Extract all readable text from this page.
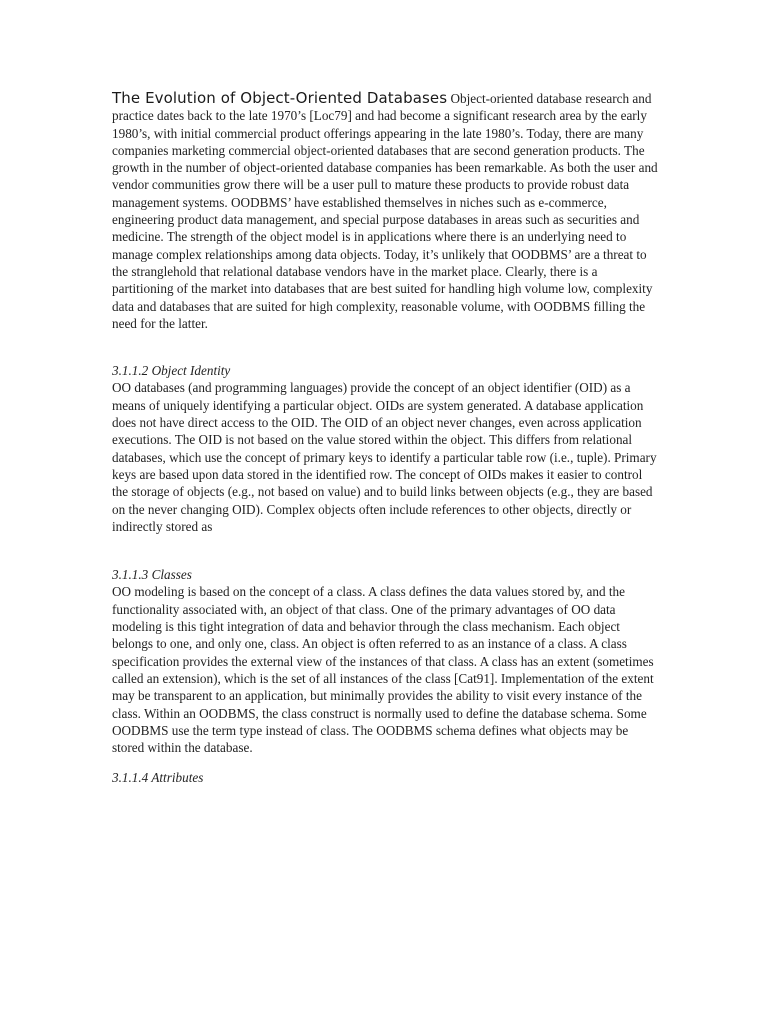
The Evolution of Object-Oriented Databases Object-oriented database research and practice dates back to the late 1970’s [Loc79] and had become a significant research area by the early 1980’s, with initial commercial product offerings appearing in the late 1980’s. Today, there are many companies marketing commercial object-oriented databases that are second generation products. The growth in the number of object-oriented database companies has been remarkable. As both the user and vendor communities grow there will be a user pull to mature these products to provide robust data management systems. OODBMS’ have established themselves in niches such as e-commerce, engineering product data management, and special purpose databases in areas such as securities and medicine. The strength of the object model is in applications where there is an underlying need to manage complex relationships among data objects. Today, it’s unlikely that OODBMS’ are a threat to the stranglehold that relational database vendors have in the market place. Clearly, there is a partitioning of the market into databases that are best suited for handling high volume low, complexity data and databases that are suited for high complexity, reasonable volume, with OODBMS filling the need for the latter.

3.1.1.2 Object Identity

OO databases (and programming languages) provide the concept of an object identifier (OID) as a means of uniquely identifying a particular object. OIDs are system generated. A database application does not have direct access to the OID. The OID of an object never changes, even across application executions. The OID is not based on the value stored within the object. This differs from relational databases, which use the concept of primary keys to identify a particular table row (i.e., tuple). Primary keys are based upon data stored in the identified row. The concept of OIDs makes it easier to control the storage of objects (e.g., not based on value) and to build links between objects (e.g., they are based on the never changing OID). Complex objects often include references to other objects, directly or indirectly stored as

3.1.1.3 Classes

OO modeling is based on the concept of a class. A class defines the data values stored by, and the functionality associated with, an object of that class. One of the primary advantages of OO data modeling is this tight integration of data and behavior through the class mechanism. Each object belongs to one, and only one, class. An object is often referred to as an instance of a class. A class specification provides the external view of the instances of that class. A class has an extent (sometimes called an extension), which is the set of all instances of the class [Cat91]. Implementation of the extent may be transparent to an application, but minimally provides the ability to visit every instance of the class. Within an OODBMS, the class construct is normally used to define the database schema. Some OODBMS use the term type instead of class. The OODBMS schema defines what objects may be stored within the database.

3.1.1.4 Attributes
